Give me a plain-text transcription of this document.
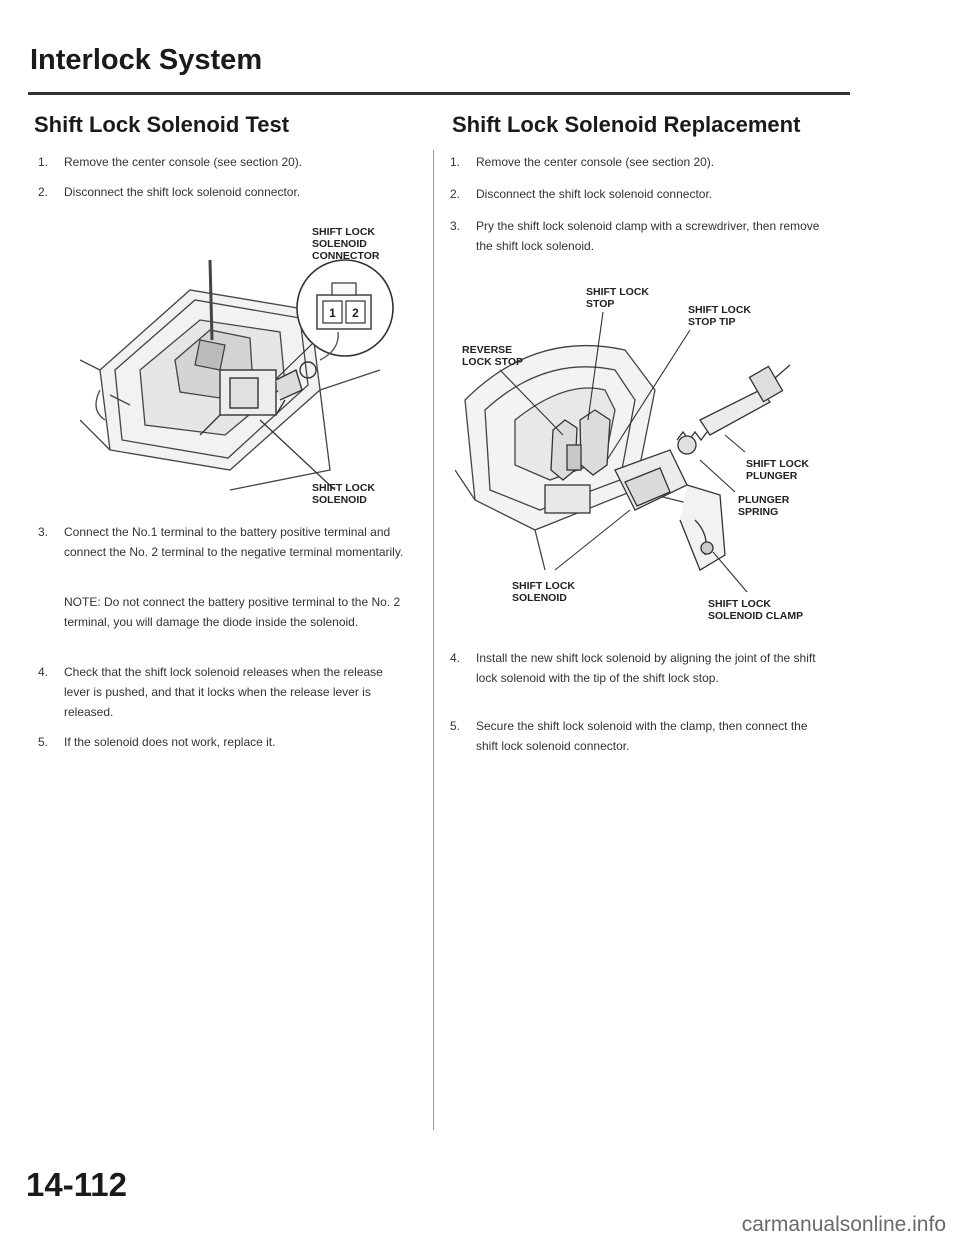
Interlock System
Shift Lock Solenoid Test
1. Remove the center console (see section 20).
2. Disconnect the shift lock solenoid connector.
1 2
SHIFT LOCK
SOLENOID
CONNECTOR
SHIFT LOCK
SOLENOID
3. Connect the No.1 terminal to the battery positive terminal and connect the No. 2 terminal to the negative terminal momentarily.
NOTE: Do not connect the battery positive terminal to the No. 2 terminal, you will damage the diode inside the solenoid.
4. Check that the shift lock solenoid releases when the release lever is pushed, and that it locks when the release lever is released.
5. If the solenoid does not work, replace it.
Shift Lock Solenoid Replacement
1. Remove the center console (see section 20).
2. Disconnect the shift lock solenoid connector.
3. Pry the shift lock solenoid clamp with a screwdriver, then remove the shift lock solenoid.
SHIFT LOCK
STOP	SHIFT LOCK
STOP TIP
REVERSE
LOCK STOP
SHIFT LOCK
PLUNGER
PLUNGER
SPRING
SHIFT LOCK
SOLENOID	SHIFT LOCK
SOLENOID CLAMP
4. Install the new shift lock solenoid by aligning the joint of the shift lock solenoid with the tip of the shift lock stop.
5. Secure the shift lock solenoid with the clamp, then connect the shift lock solenoid connector.
14-112
carmanualsonline.info
